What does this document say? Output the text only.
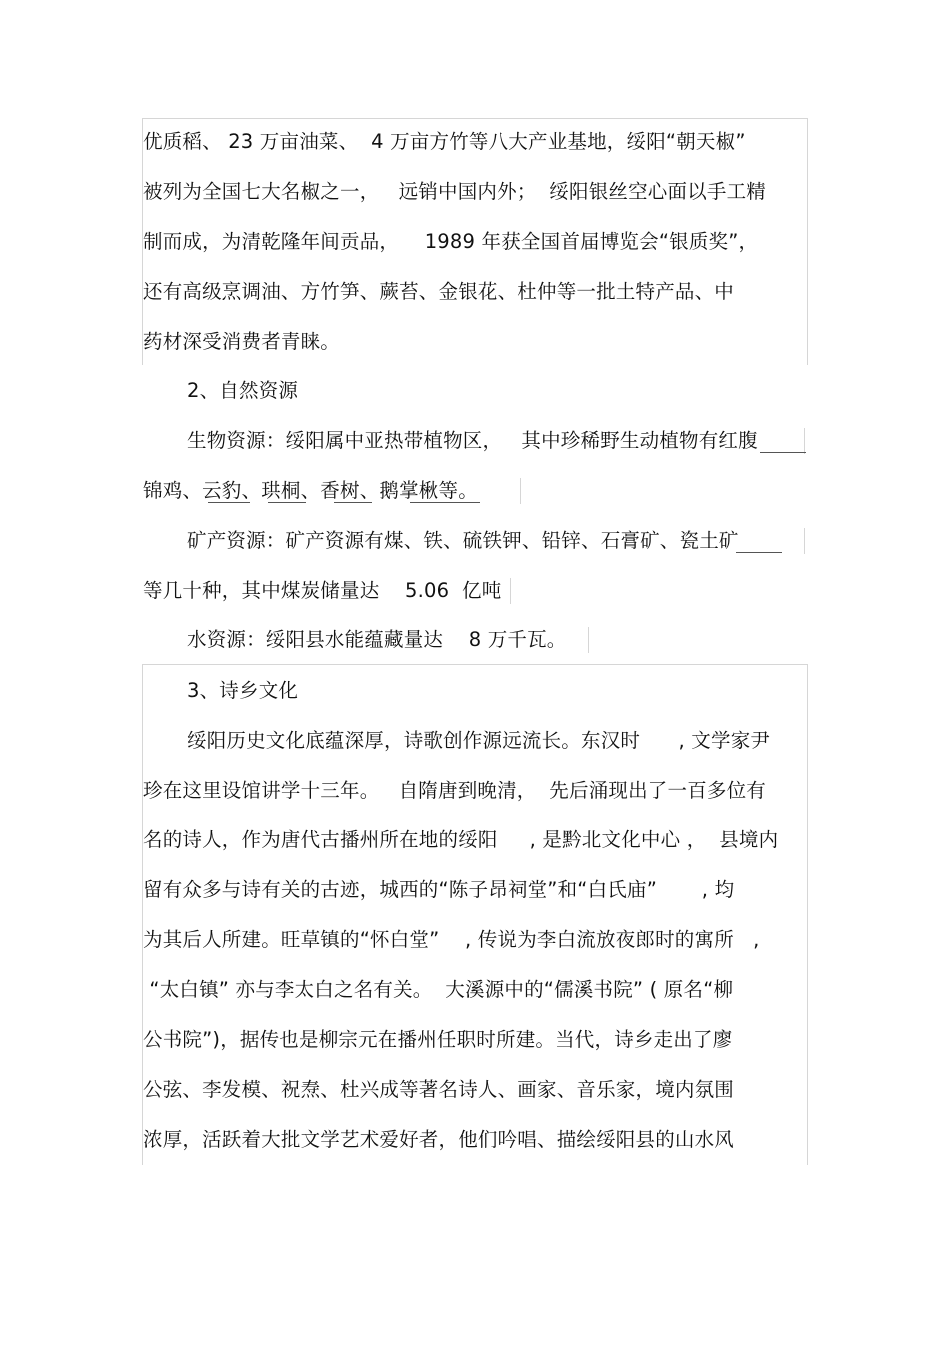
优质稻、 23 万亩油菜、  4 万亩方竹等八大产业基地，绥阳“朝天椒”
被列为全国七大名椒之一，   远销中国内外；  绥阳银丝空心面以手工精
制而成，为清乾隆年间贡品，    1989 年获全国首届博览会“银质奖”，
还有高级烹调油、方竹笋、蕨苔、金银花、杜仲等一批土特产品、中
药材深受消费者青睐。
2、自然资源
生物资源：绥阳属中亚热带植物区，   其中珍稀野生动植物有红腹
锦鸡、云豹、珙桐、香树、鹅掌楸等。
矿产资源：矿产资源有煤、铁、硫铁钾、铅锌、石膏矿、瓷土矿
等几十种，其中煤炭储量达    5.06  亿吨
水资源：绥阳县水能蕴藏量达    8 万千瓦。
3、诗乡文化
绥阳历史文化底蕴深厚，诗歌创作源远流长。东汉时      , 文学家尹
珍在这里设馆讲学十三年。   自隋唐到晚清，  先后涌现出了一百多位有
名的诗人，作为唐代古播州所在地的绥阳     , 是黔北文化中心 ，  县境内
留有众多与诗有关的古迹，城西的“陈子昂祠堂”和“白氏庙”       , 均
为其后人所建。旺草镇的“怀白堂”    , 传说为李白流放夜郎时的寓所   ,
“太白镇” 亦与李太白之名有关。  大溪源中的“儒溪书院” ( 原名“柳
公书院”)，据传也是柳宗元在播州任职时所建。当代，诗乡走出了廖
公弦、李发模、祝焘、杜兴成等著名诗人、画家、音乐家，境内氛围
浓厚，活跃着大批文学艺术爱好者，他们吟唱、描绘绥阳县的山水风
